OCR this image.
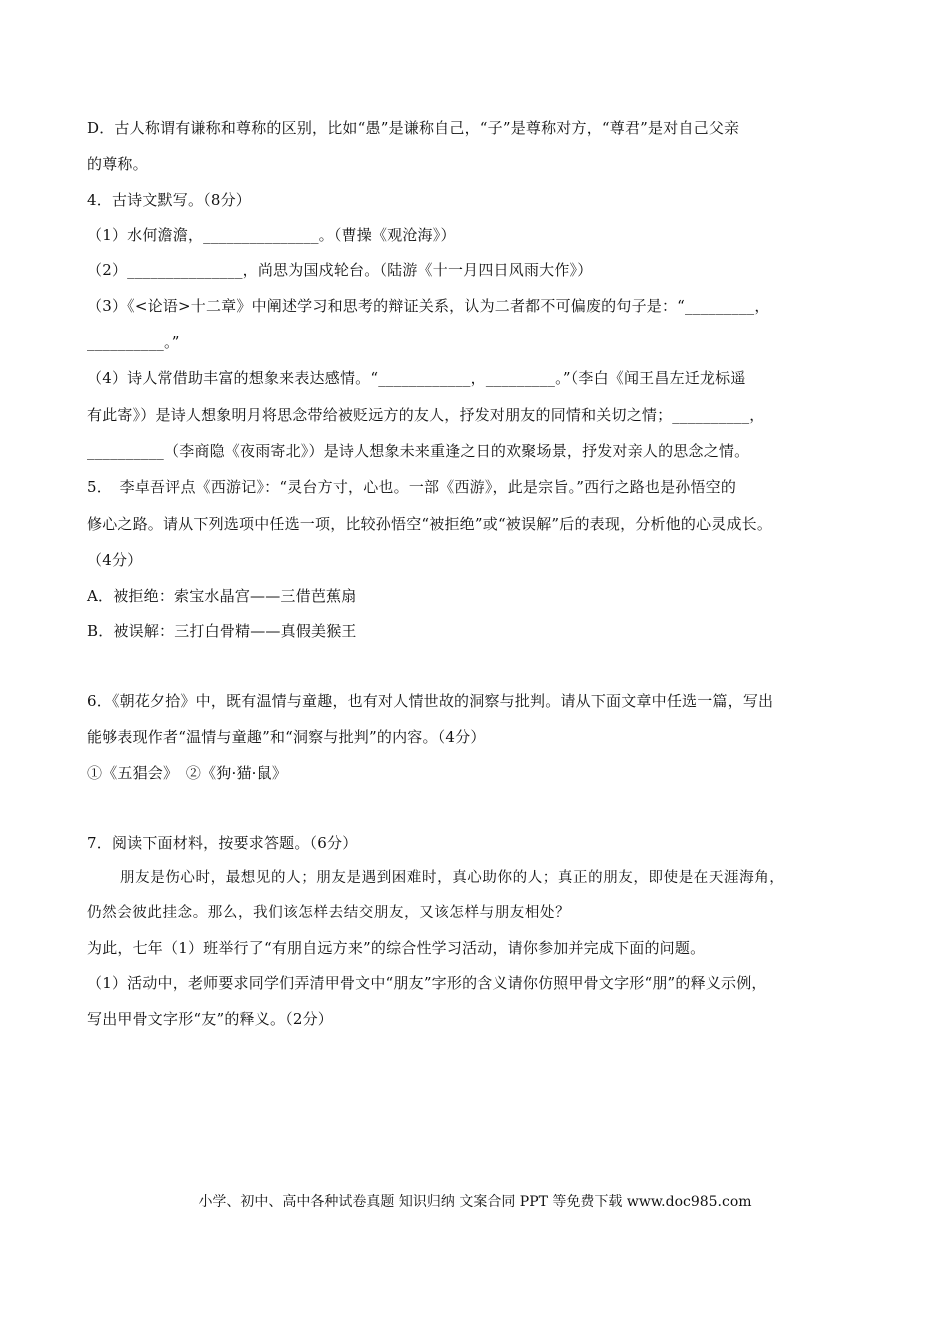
D．古人称谓有谦称和尊称的区别，比如“愚”是谦称自己，“子”是尊称对方，“尊君”是对自己父亲
的尊称。
4．古诗文默写。（8分）
（1）水何澹澹，_______________。（曹操《观沧海》）
（2）_______________，尚思为国戍轮台。（陆游《十一月四日风雨大作》）
（3）《<论语>十二章》中阐述学习和思考的辩证关系，认为二者都不可偏废的句子是：“_________，
__________。”
（4）诗人常借助丰富的想象来表达感情。“____________，_________。”（李白《闻王昌左迁龙标遥
有此寄》）是诗人想象明月将思念带给被贬远方的友人，抒发对朋友的同情和关切之情；__________，
__________（李商隐《夜雨寄北》）是诗人想象未来重逢之日的欢聚场景，抒发对亲人的思念之情。
5．　李卓吾评点《西游记》：“灵台方寸，心也。一部《西游》，此是宗旨。”西行之路也是孙悟空的
修心之路。请从下列选项中任选一项，比较孙悟空“被拒绝”或“被误解”后的表现，分析他的心灵成长。
（4分）
A．被拒绝：索宝水晶宫——三借芭蕉扇
B．被误解：三打白骨精——真假美猴王
6．《朝花夕拾》中，既有温情与童趣，也有对人情世故的洞察与批判。请从下面文章中任选一篇，写出
能够表现作者“温情与童趣”和“洞察与批判”的内容。（4分）
①《五猖会》　②《狗·猫·鼠》
7．阅读下面材料，按要求答题。（6分）
朋友是伤心时，最想见的人；朋友是遇到困难时，真心助你的人；真正的朋友，即使是在天涯海角，
仍然会彼此挂念。那么，我们该怎样去结交朋友，又该怎样与朋友相处？
为此，七年（1）班举行了“有朋自远方来”的综合性学习活动，请你参加并完成下面的问题。
（1）活动中，老师要求同学们弄清甲骨文中“朋友”字形的含义请你仿照甲骨文字形“朋”的释义示例，
写出甲骨文字形“友”的释义。（2分）
小学、初中、高中各种试卷真题 知识归纳 文案合同 PPT 等免费下载 www.doc985.com
